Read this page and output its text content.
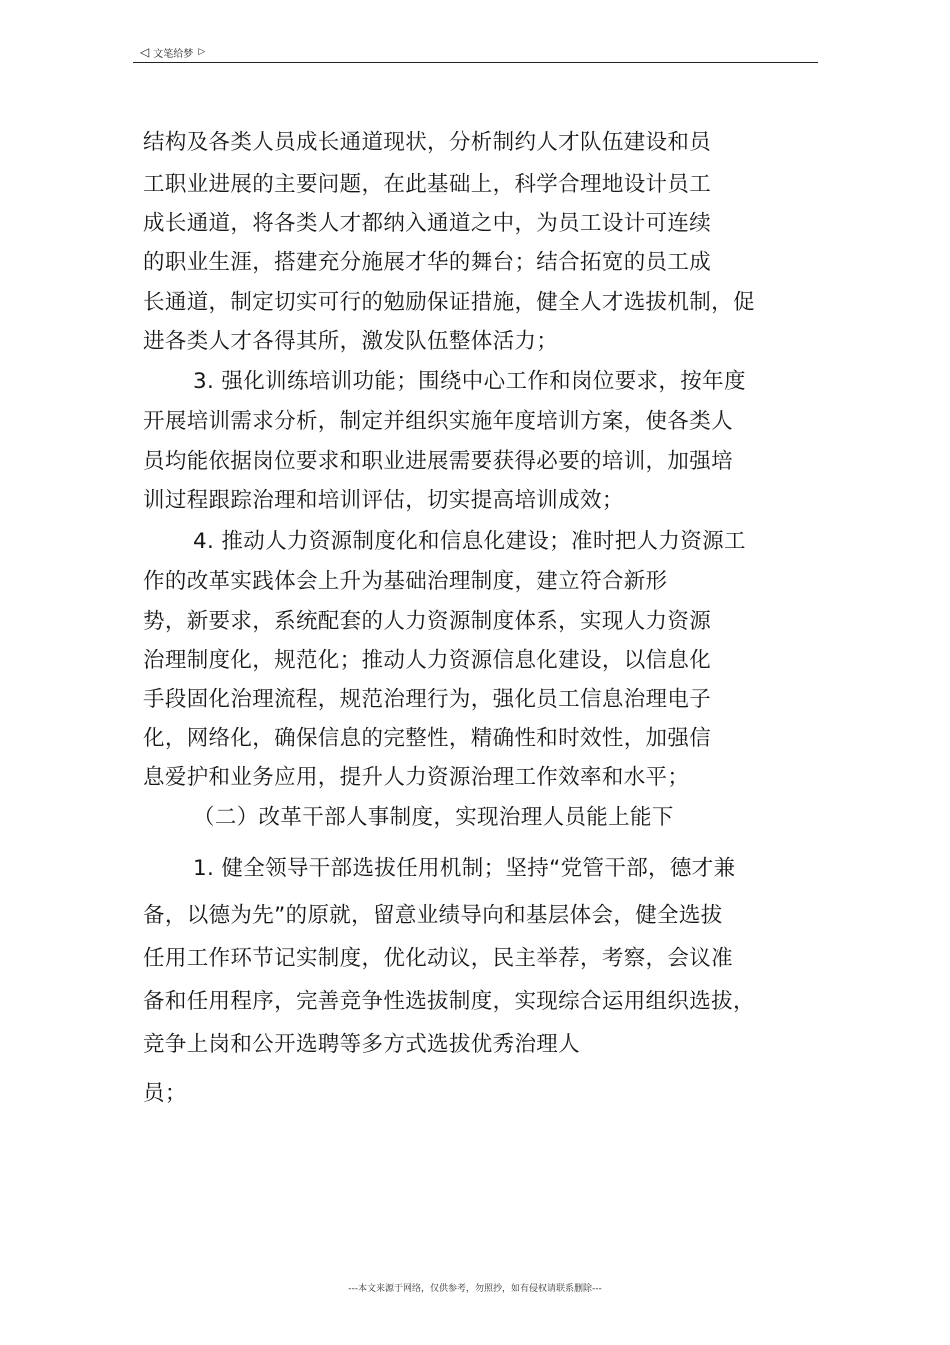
◁ 文笔给梦 ▷
结构及各类人员成长通道现状，分析制约人才队伍建设和员
工职业进展的主要问题，在此基础上，科学合理地设计员工
成长通道，将各类人才都纳入通道之中，为员工设计可连续
的职业生涯，搭建充分施展才华的舞台；结合拓宽的员工成
长通道，制定切实可行的勉励保证措施，健全人才选拔机制，促
进各类人才各得其所，激发队伍整体活力；
3. 强化训练培训功能；围绕中心工作和岗位要求，按年度
开展培训需求分析，制定并组织实施年度培训方案，使各类人
员均能依据岗位要求和职业进展需要获得必要的培训，加强培
训过程跟踪治理和培训评估，切实提高培训成效；
4. 推动人力资源制度化和信息化建设；准时把人力资源工
作的改革实践体会上升为基础治理制度，建立符合新形
势，新要求，系统配套的人力资源制度体系，实现人力资源
治理制度化，规范化；推动人力资源信息化建设，以信息化
手段固化治理流程，规范治理行为，强化员工信息治理电子
化，网络化，确保信息的完整性，精确性和时效性，加强信
息爱护和业务应用，提升人力资源治理工作效率和水平；
（二）改革干部人事制度，实现治理人员能上能下
1. 健全领导干部选拔任用机制；坚持“党管干部，德才兼
备，以德为先”的原就，留意业绩导向和基层体会，健全选拔
任用工作环节记实制度，优化动议，民主举荐，考察，会议准
备和任用程序，完善竞争性选拔制度，实现综合运用组织选拔，
竞争上岗和公开选聘等多方式选拔优秀治理人
员；
---本文来源于网络，仅供参考，勿照抄，如有侵权请联系删除---
